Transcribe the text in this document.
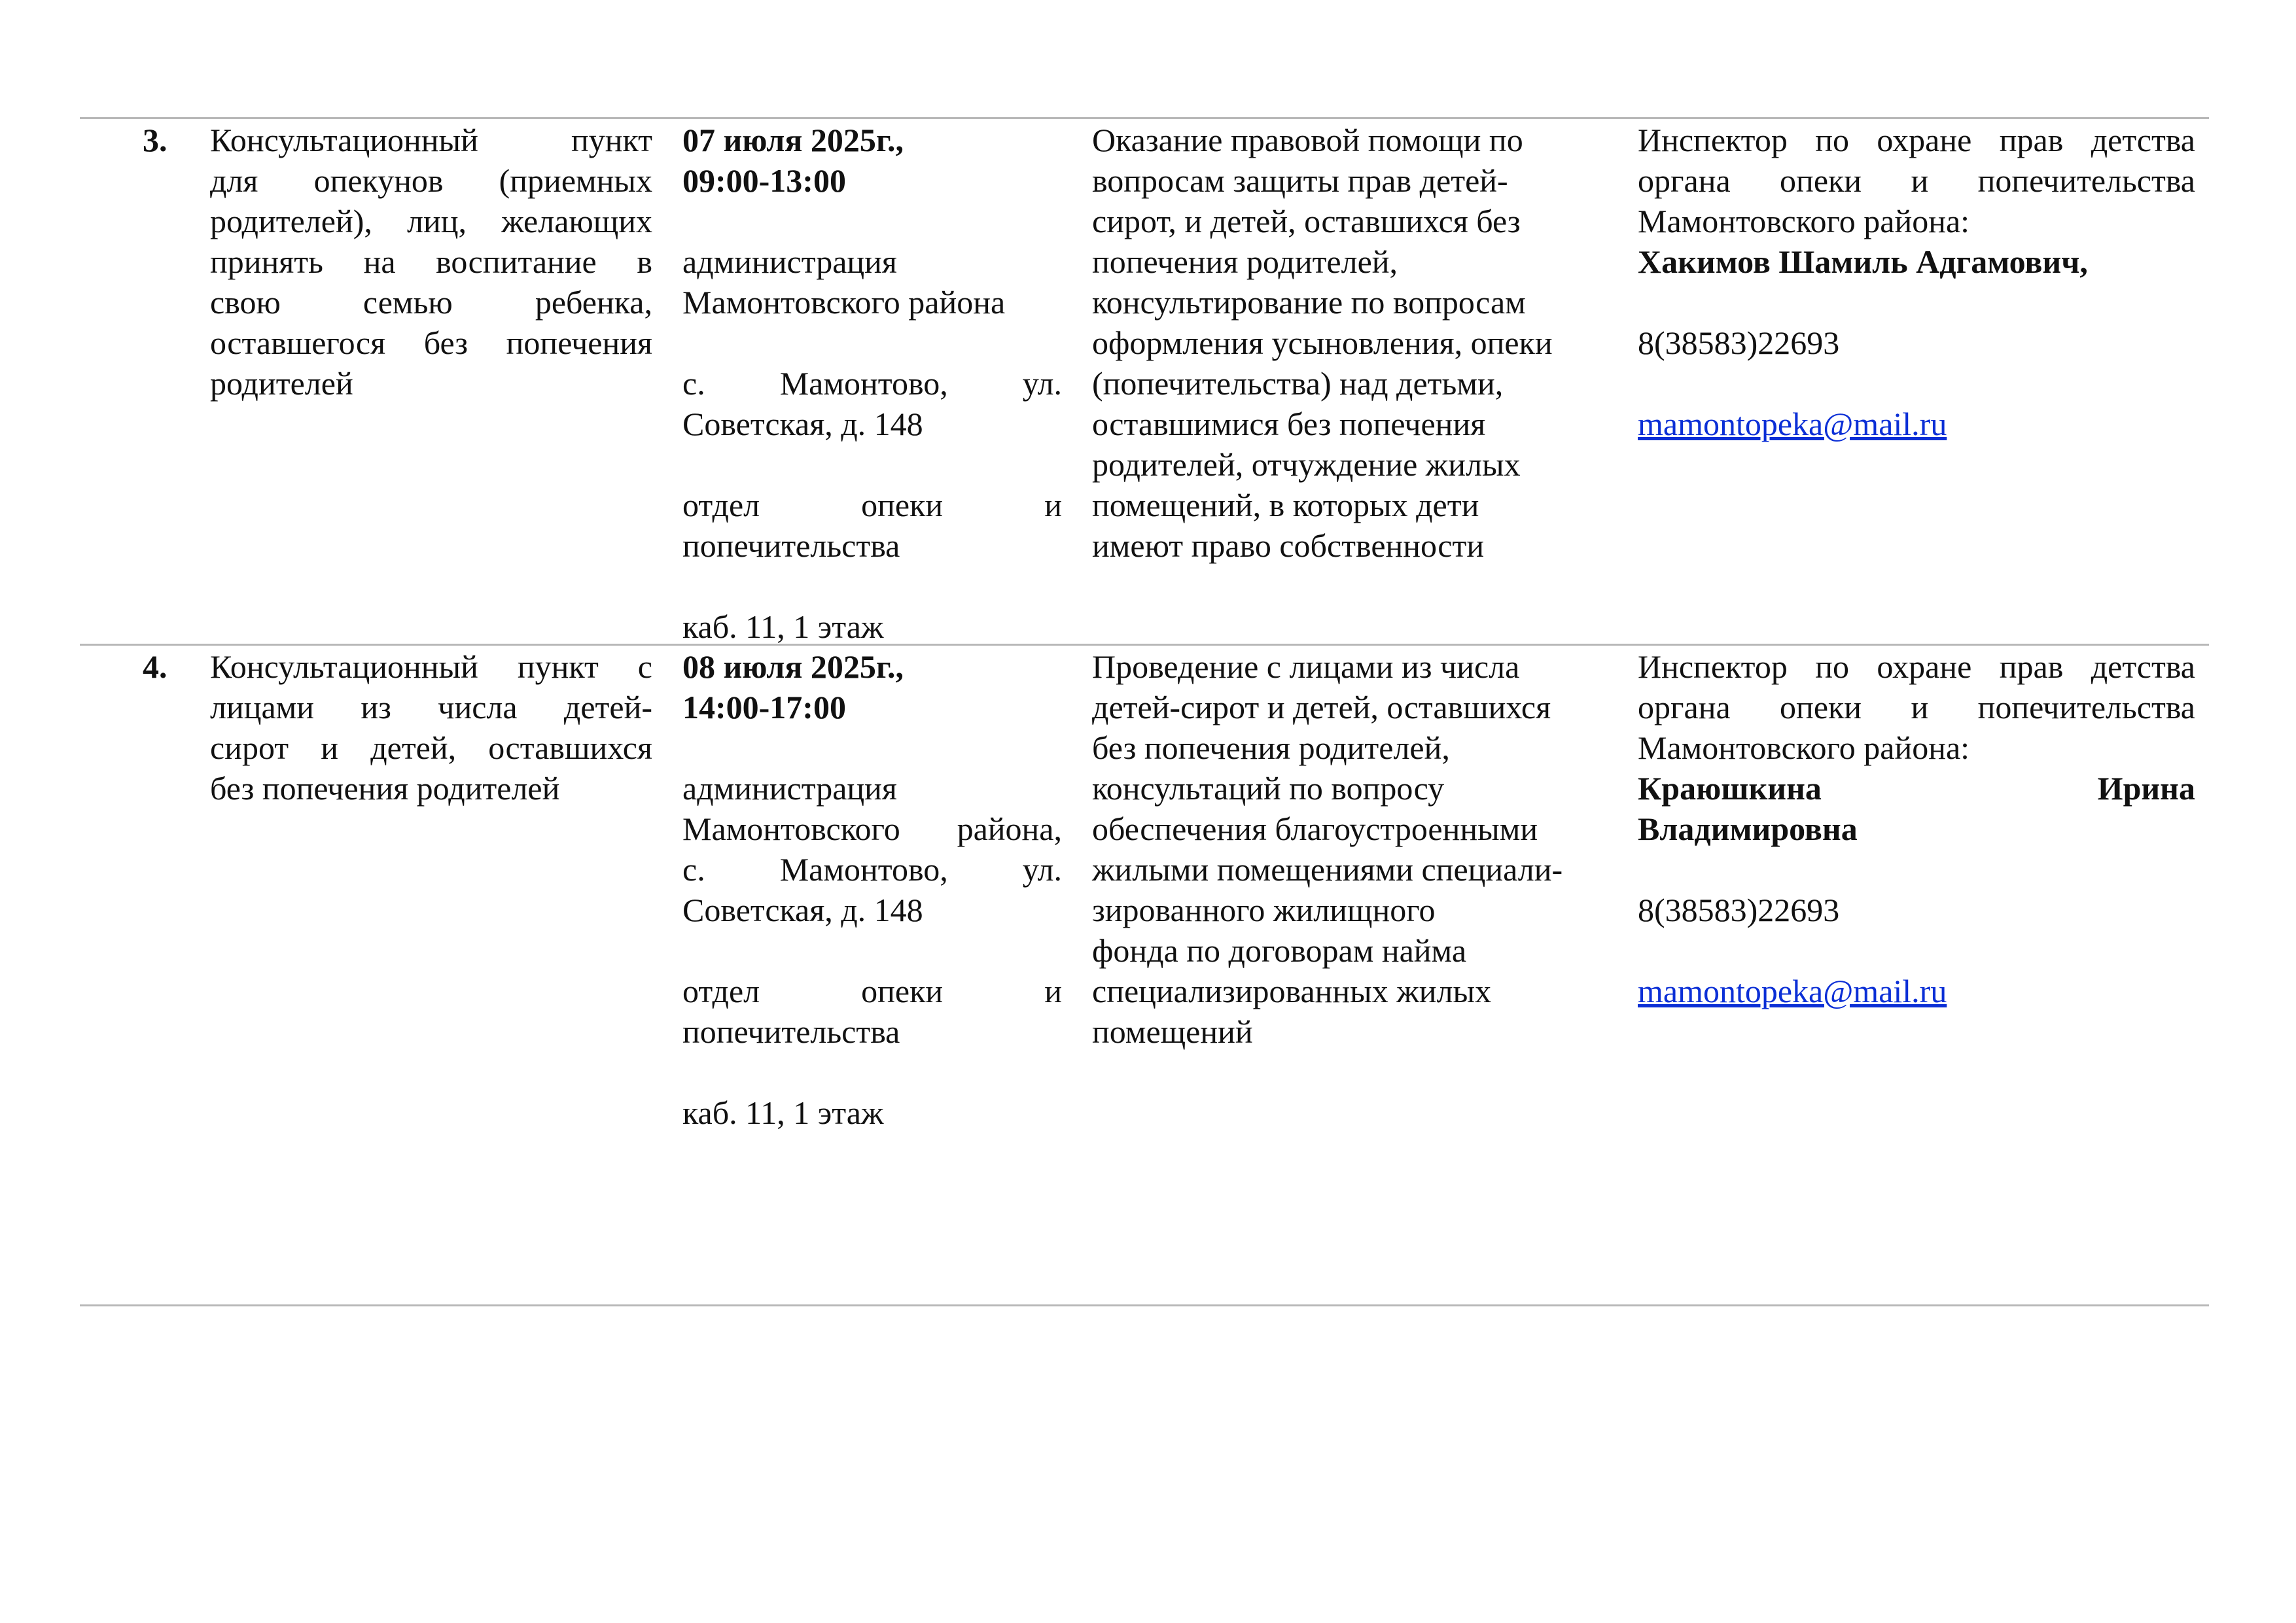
3.	Консультационный пункт
для опекунов (приемных
родителей), лиц, желающих
принять на воспитание в
свою семью ребенка,
оставшегося без попечения
родителей
07 июля 2025г.,
09:00-13:00
администрация
Мамонтовского района
с. Мамонтово, ул.
Советская, д. 148
отдел опеки и
попечительства
каб. 11, 1 этаж
Оказание правовой помощи по
вопросам защиты прав детей-
сирот, и детей, оставшихся без
попечения родителей,
консультирование по вопросам
оформления усыновления, опеки
(попечительства) над детьми,
оставшимися без попечения
родителей, отчуждение жилых
помещений, в которых дети
имеют право собственности
Инспектор по охране прав детства
органа опеки и попечительства
Мамонтовского района:
Хакимов Шамиль Адгамович,
8(38583)22693
mamontopeka@mail.ru
4.	Консультационный пункт с
лицами из числа детей-
сирот и детей, оставшихся
без попечения родителей
08 июля 2025г.,
14:00-17:00
администрация
Мамонтовского района,
с. Мамонтово, ул.
Советская, д. 148
отдел опеки и
попечительства
каб. 11, 1 этаж
Проведение с лицами из числа
детей-сирот и детей, оставшихся
без попечения родителей,
консультаций по вопросу
обеспечения благоустроенными
жилыми помещениями специали-
зированного жилищного
фонда по договорам найма
специализированных жилых
помещений
Инспектор по охране прав детства
органа опеки и попечительства
Мамонтовского района:
Краюшкина Ирина
Владимировна
8(38583)22693
mamontopeka@mail.ru
